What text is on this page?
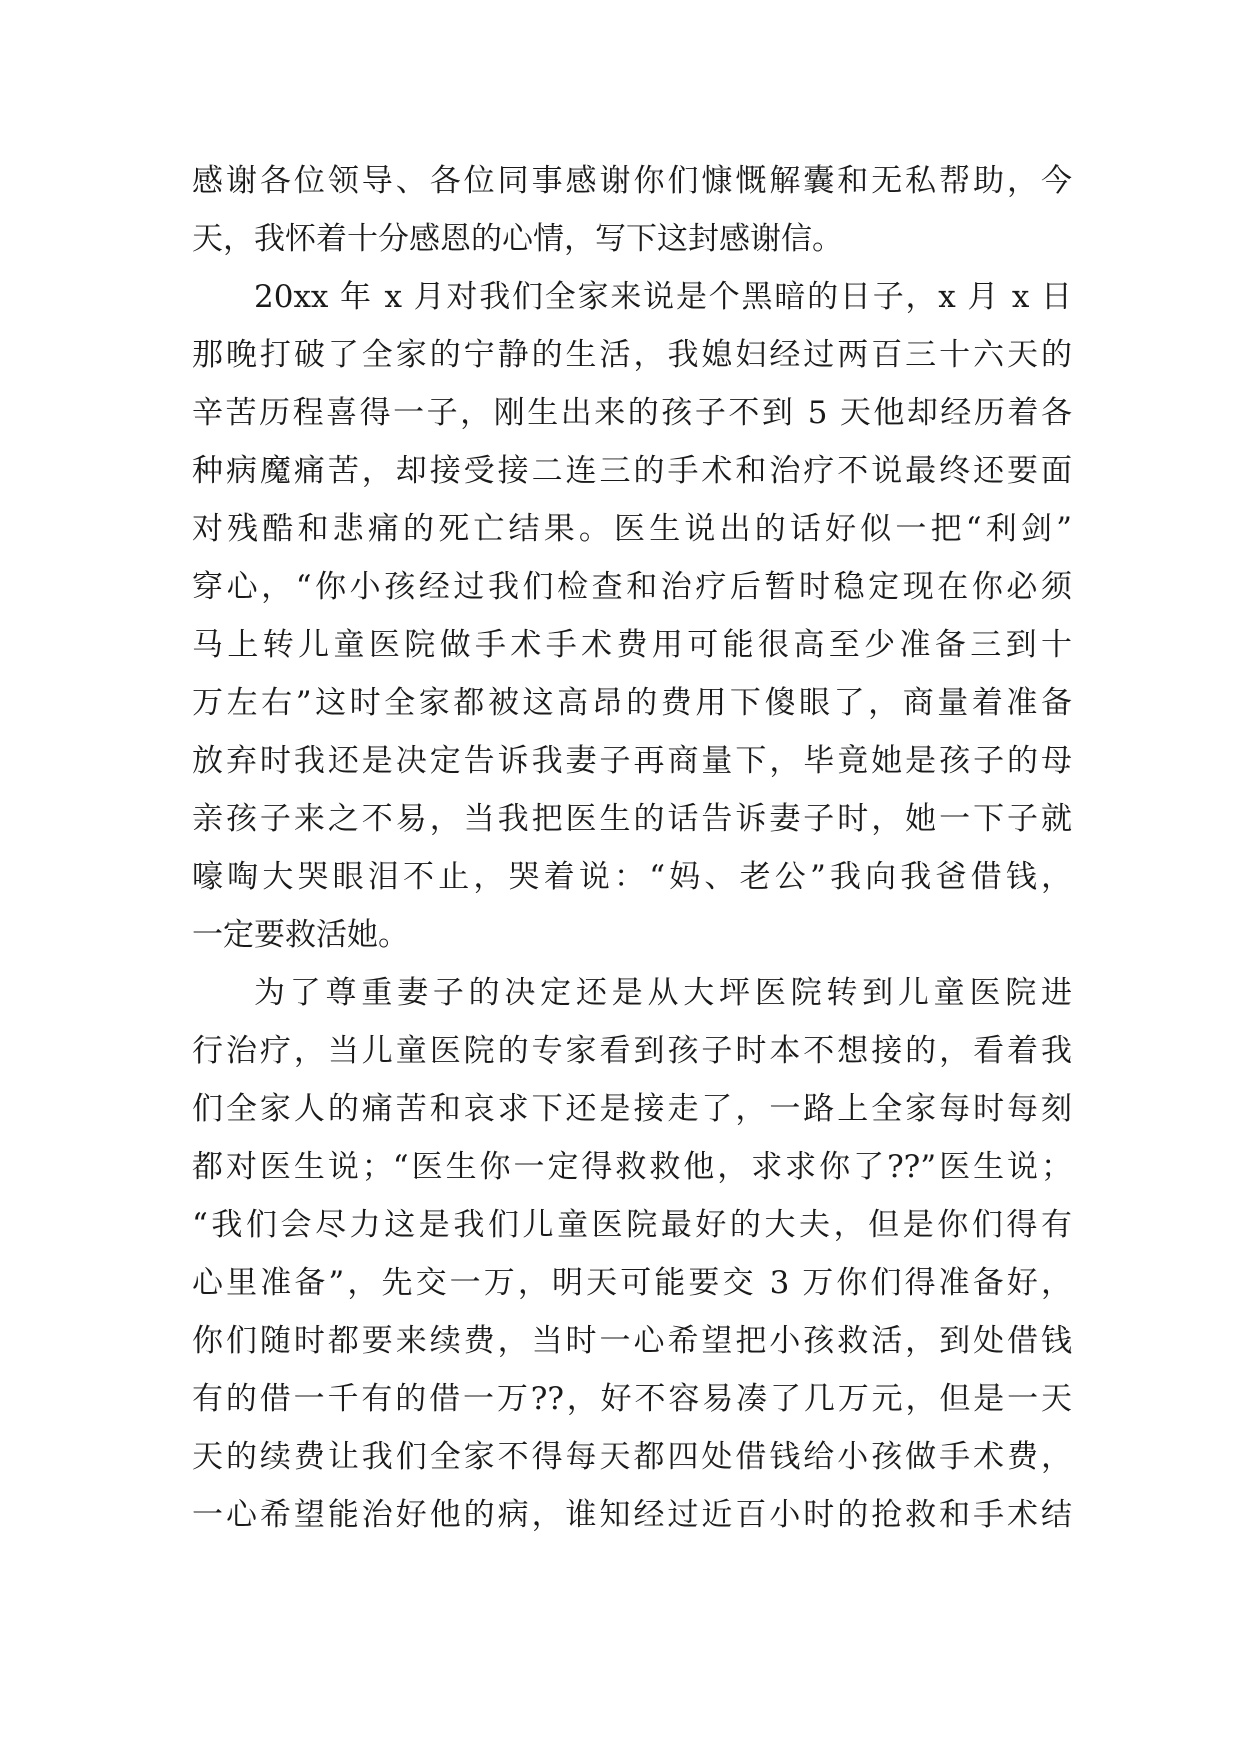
感谢各位领导、各位同事感谢你们慷慨解囊和无私帮助，今
天，我怀着十分感恩的心情，写下这封感谢信。
20xx 年 x 月对我们全家来说是个黑暗的日子，x 月 x 日
那晚打破了全家的宁静的生活，我媳妇经过两百三十六天的
辛苦历程喜得一子，刚生出来的孩子不到 5 天他却经历着各
种病魔痛苦，却接受接二连三的手术和治疗不说最终还要面
对残酷和悲痛的死亡结果。医生说出的话好似一把“利剑”
穿心，“你小孩经过我们检查和治疗后暂时稳定现在你必须
马上转儿童医院做手术手术费用可能很高至少准备三到十
万左右”这时全家都被这高昂的费用下傻眼了，商量着准备
放弃时我还是决定告诉我妻子再商量下，毕竟她是孩子的母
亲孩子来之不易，当我把医生的话告诉妻子时，她一下子就
嚎啕大哭眼泪不止，哭着说：“妈、老公”我向我爸借钱，
一定要救活她。
为了尊重妻子的决定还是从大坪医院转到儿童医院进
行治疗，当儿童医院的专家看到孩子时本不想接的，看着我
们全家人的痛苦和哀求下还是接走了，一路上全家每时每刻
都对医生说；“医生你一定得救救他，求求你了??”医生说；
“我们会尽力这是我们儿童医院最好的大夫，但是你们得有
心里准备”，先交一万，明天可能要交 3 万你们得准备好，
你们随时都要来续费，当时一心希望把小孩救活，到处借钱
有的借一千有的借一万??，好不容易凑了几万元，但是一天
天的续费让我们全家不得每天都四处借钱给小孩做手术费，
一心希望能治好他的病，谁知经过近百小时的抢救和手术结
